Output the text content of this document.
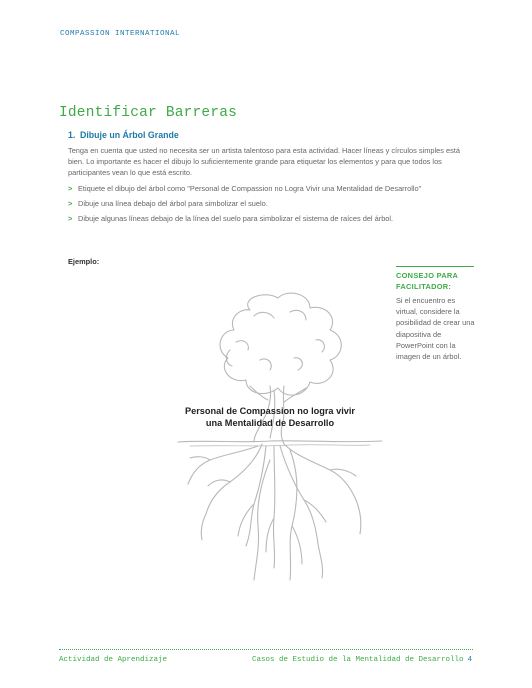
COMPASSION INTERNATIONAL
Identificar Barreras
1. Dibuje un Árbol Grande
Tenga en cuenta que usted no necesita ser un artista talentoso para esta actividad. Hacer líneas y círculos simples está bien. Lo importante es hacer el dibujo lo suficientemente grande para etiquetar los elementos y para que todos los participantes vean lo que está escrito.
> Etiquete el dibujo del árbol como "Personal de Compassion no Logra Vivir una Mentalidad de Desarrollo"
> Dibuje una línea debajo del árbol para simbolizar el suelo.
> Dibuje algunas líneas debajo de la línea del suelo para simbolizar el sistema de raíces del árbol.
Ejemplo:
CONSEJO PARA FACILITADOR:
Si el encuentro es virtual, considere la posibilidad de crear una diapositiva de PowerPoint con la imagen de un árbol.
Personal de Compassion no logra vivir
una Mentalidad de Desarrollo
Actividad de Aprendizaje	Casos de Estudio de la Mentalidad de Desarrollo 4
